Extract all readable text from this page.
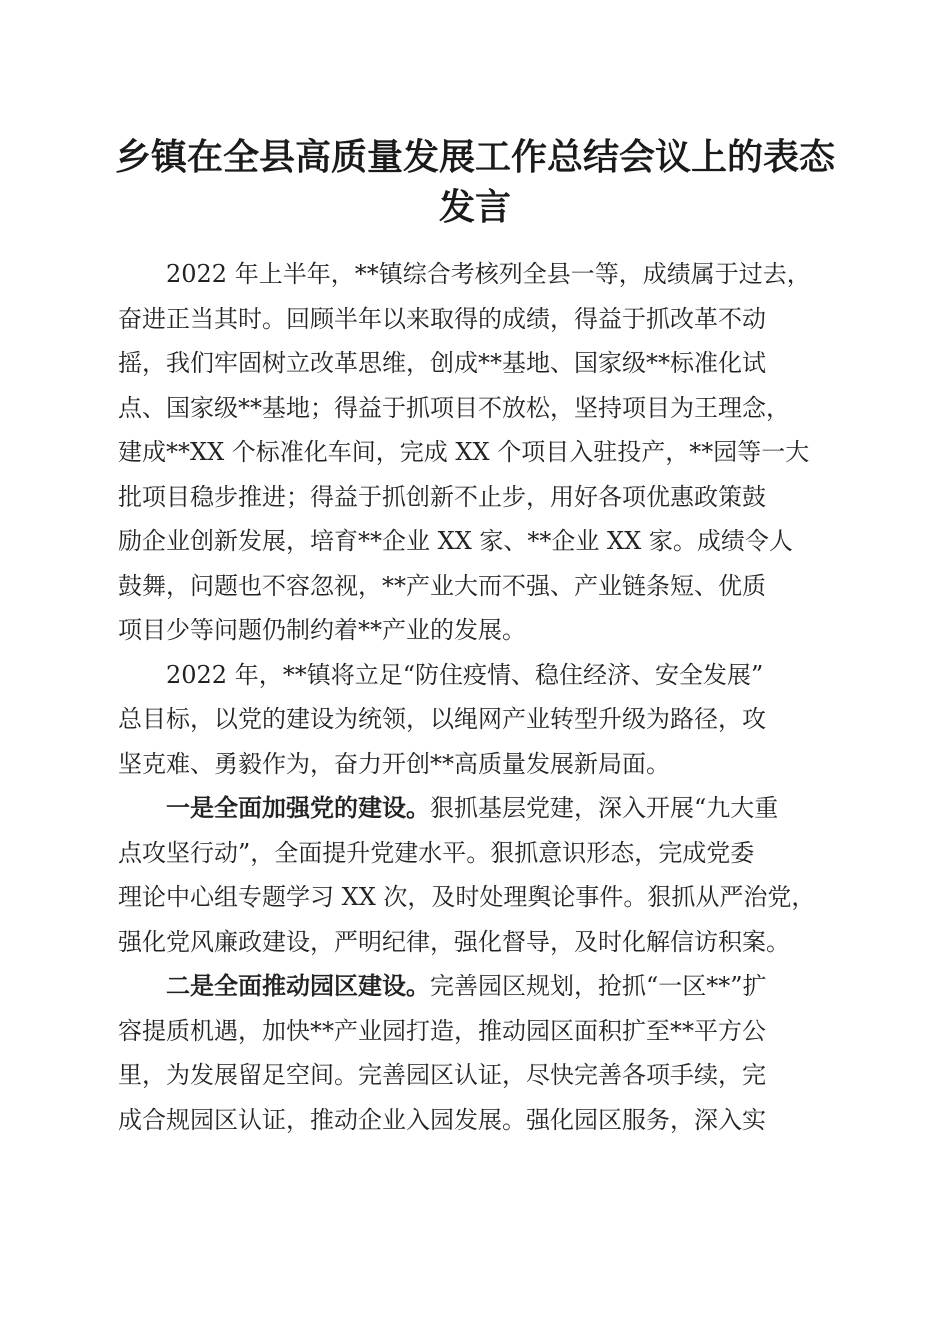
乡镇在全县高质量发展工作总结会议上的表态
发言

2022 年上半年，**镇综合考核列全县一等，成绩属于过去，
奋进正当其时。回顾半年以来取得的成绩，得益于抓改革不动
摇，我们牢固树立改革思维，创成**基地、国家级**标准化试
点、国家级**基地；得益于抓项目不放松，坚持项目为王理念，
建成**XX 个标准化车间，完成 XX 个项目入驻投产，**园等一大
批项目稳步推进；得益于抓创新不止步，用好各项优惠政策鼓
励企业创新发展，培育**企业 XX 家、**企业 XX 家。成绩令人
鼓舞，问题也不容忽视，**产业大而不强、产业链条短、优质
项目少等问题仍制约着**产业的发展。

2022 年，**镇将立足“防住疫情、稳住经济、安全发展”
总目标，以党的建设为统领，以绳网产业转型升级为路径，攻
坚克难、勇毅作为，奋力开创**高质量发展新局面。

一是全面加强党的建设。狠抓基层党建，深入开展“九大重
点攻坚行动”，全面提升党建水平。狠抓意识形态，完成党委
理论中心组专题学习 XX 次，及时处理舆论事件。狠抓从严治党，
强化党风廉政建设，严明纪律，强化督导，及时化解信访积案。

二是全面推动园区建设。完善园区规划，抢抓“一区**”扩
容提质机遇，加快**产业园打造，推动园区面积扩至**平方公
里，为发展留足空间。完善园区认证，尽快完善各项手续，完
成合规园区认证，推动企业入园发展。强化园区服务，深入实
